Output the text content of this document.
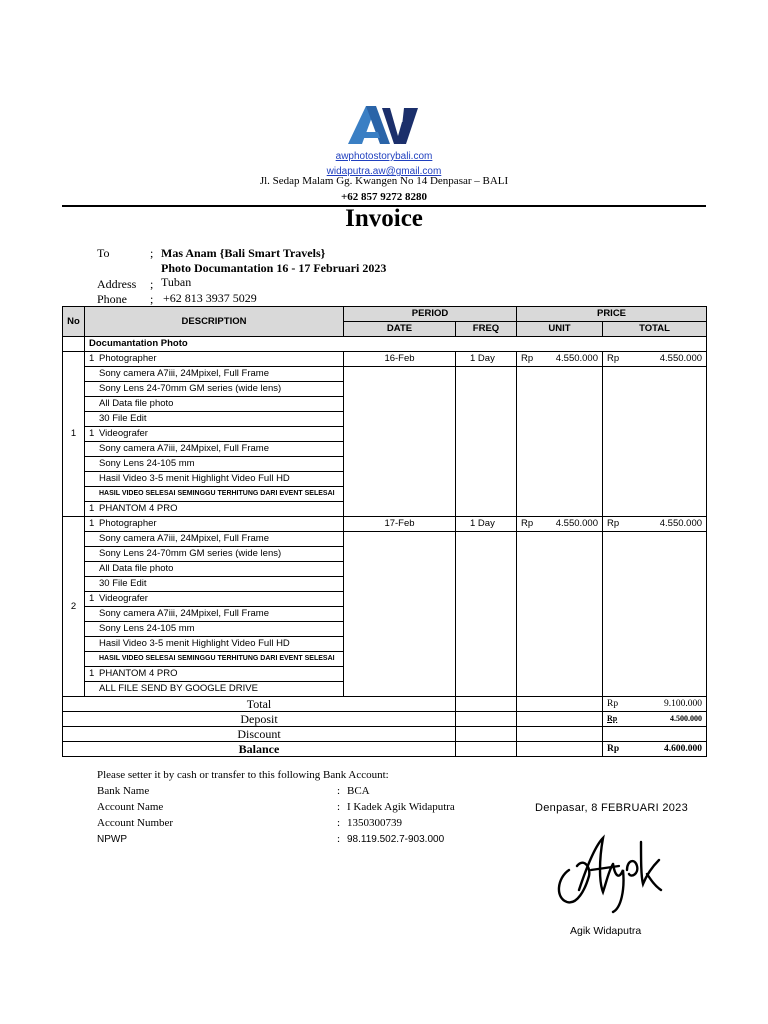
awphotostorybali.com
widaputra.aw@gmail.com
Jl. Sedap Malam Gg. Kwangen No 14 Denpasar – BALI
+62 857 9272 8280
Invoice
To	; Mas Anam {Bali Smart Travels}
Photo Documantation 16 - 17 Februari 2023
Address ; Tuban
Phone ; +62 813 3937 5029
No	DESCRIPTION	PERIOD		PRICE	
		DATE	FREQ	UNIT	TOTAL
	Documantation Photo				
1	1 Photographer	16-Feb	1 Day	Rp 4.550.000	Rp 4.550.000

	Sony camera A7iii, 24Mpixel, Full Frame				
	Sony Lens 24-70mm GM series (wide lens)				
	All Data file photo				
	30 File Edit				
	1 Videografer				
	Sony camera A7iii, 24Mpixel, Full Frame				
	Sony Lens 24-105 mm				
	Hasil Video 3-5 menit Highlight Video Full HD				
	HASIL VIDEO SELESAI SEMINGGU TERHITUNG DARI EVENT SELESAI				
	1 PHANTOM 4 PRO				
2	1 Photographer	17-Feb	1 Day	Rp 4.550.000	Rp 4.550.000

	Sony camera A7iii, 24Mpixel, Full Frame				
	Sony Lens 24-70mm GM series (wide lens)				
	All Data file photo				
	30 File Edit				
	1 Videografer				
	Sony camera A7iii, 24Mpixel, Full Frame				
	Sony Lens 24-105 mm				
	Hasil Video 3-5 menit Highlight Video Full HD				
	HASIL VIDEO SELESAI SEMINGGU TERHITUNG DARI EVENT SELESAI				
	1 PHANTOM 4 PRO				
	ALL FILE SEND BY GOOGLE DRIVE				
Total					Rp 9.100.000

Deposit					Rp 4.500.000

Discount					

Balance					Rp 4.600.000
Please setter it by cash or transfer to this following Bank Account:
Bank Name	:	BCA
Account Name	:	I Kadek Agik Widaputra
Account Number	:	1350300739
NPWP	:	98.119.502.7-903.000
Denpasar, 8 FEBRUARI 2023
Agik Widaputra
